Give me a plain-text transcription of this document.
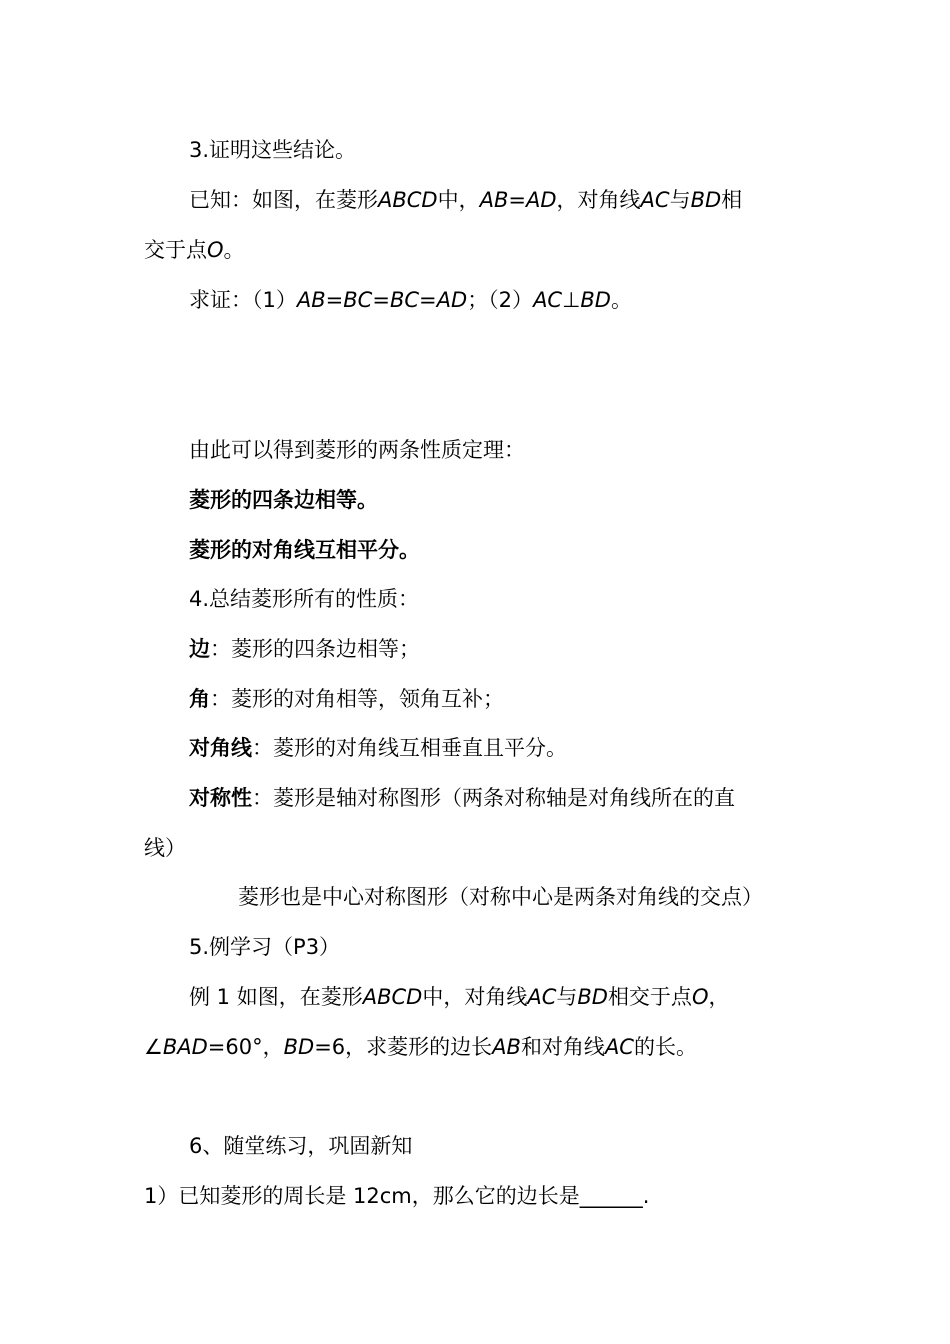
3.证明这些结论。
已知：如图，在菱形ABCD中，AB=AD，对角线AC与BD相
交于点O。
求证：（1）AB=BC=BC=AD；（2）AC⊥BD。
由此可以得到菱形的两条性质定理：
菱形的四条边相等。
菱形的对角线互相平分。
4.总结菱形所有的性质：
边：菱形的四条边相等；
角：菱形的对角相等，领角互补；
对角线：菱形的对角线互相垂直且平分。
对称性：菱形是轴对称图形（两条对称轴是对角线所在的直
线）
菱形也是中心对称图形（对称中心是两条对角线的交点）
5.例学习（P3）
例 1 如图，在菱形ABCD中，对角线AC与BD相交于点O，
∠BAD=60°，BD=6，求菱形的边长AB和对角线AC的长。
6、随堂练习，巩固新知
1）已知菱形的周长是 12cm，那么它的边长是______.
